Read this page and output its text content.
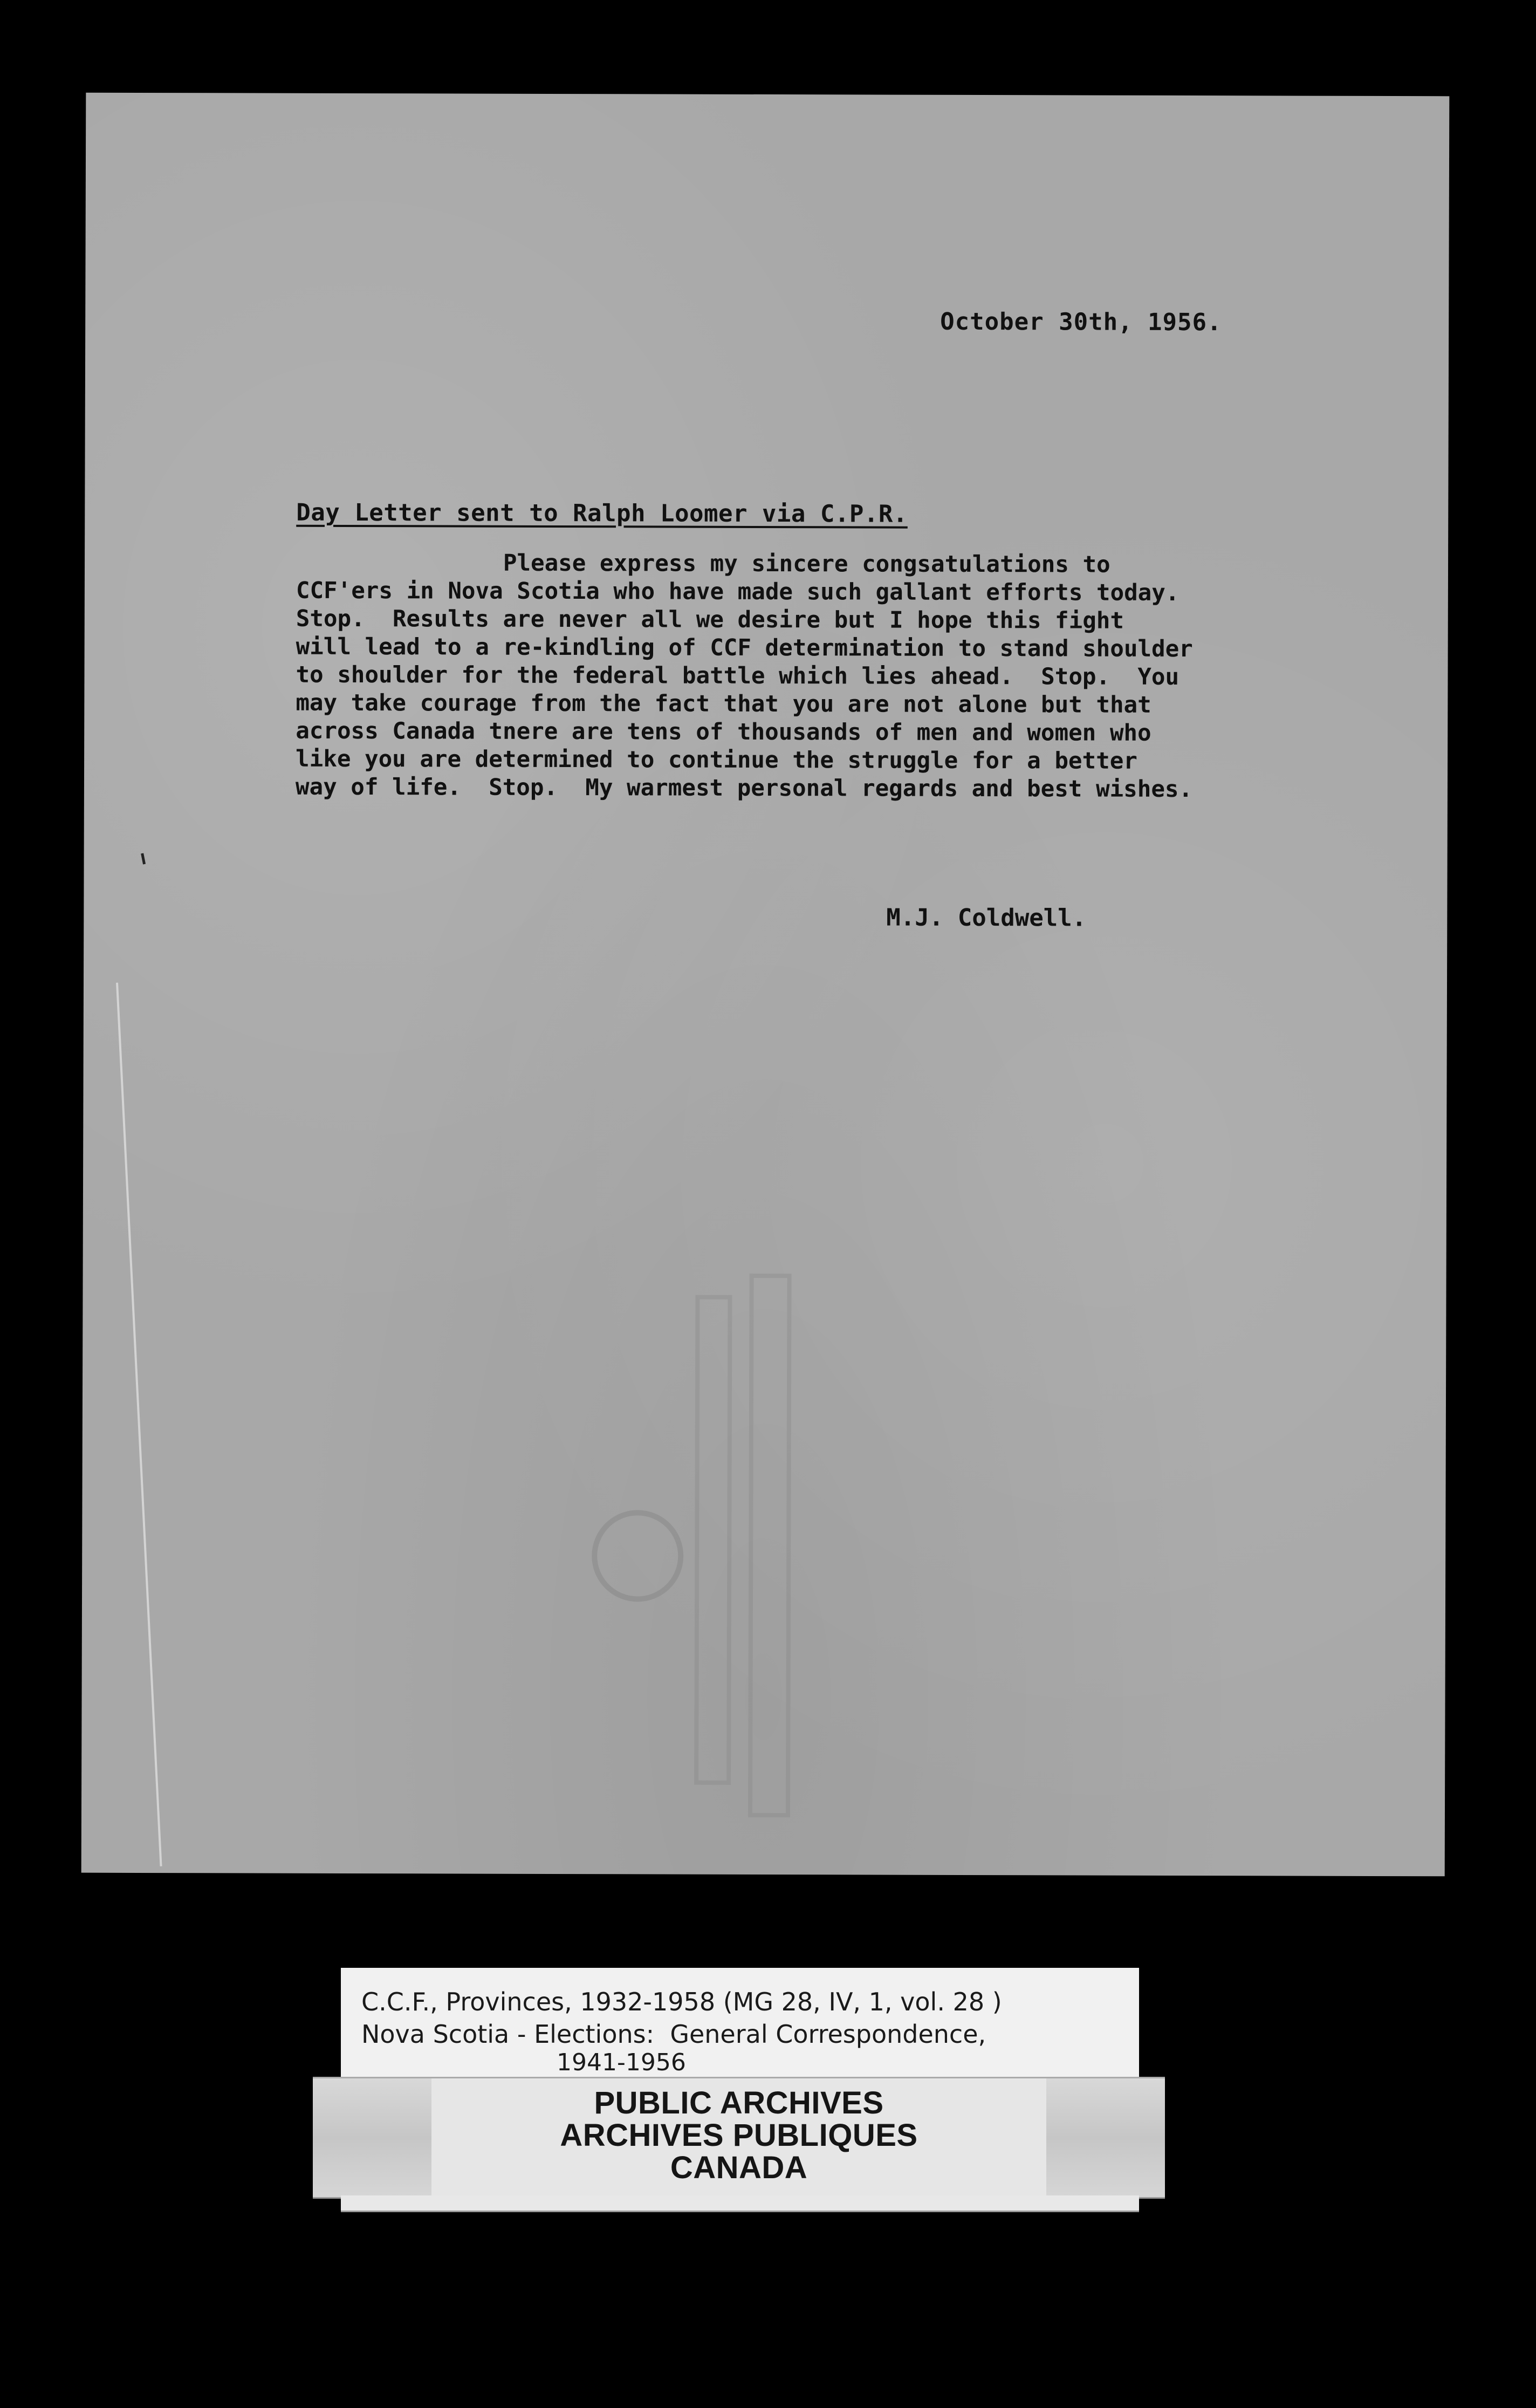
October 30th, 1956.
Day Letter sent to Ralph Loomer via C.P.R.
Please express my sincere congsatulations to
CCF'ers in Nova Scotia who have made such gallant efforts today.
Stop.  Results are never all we desire but I hope this fight
will lead to a re-kindling of CCF determination to stand shoulder
to shoulder for the federal battle which lies ahead.  Stop.  You
may take courage from the fact that you are not alone but that
across Canada tnere are tens of thousands of men and women who
like you are determined to continue the struggle for a better
way of life.  Stop.  My warmest personal regards and best wishes.
M.J. Coldwell.
C.C.F., Provinces, 1932-1958 (MG 28, IV, 1, vol. 28 )
Nova Scotia - Elections:  General Correspondence,
1941-1956
PUBLIC ARCHIVES
ARCHIVES PUBLIQUES
CANADA
